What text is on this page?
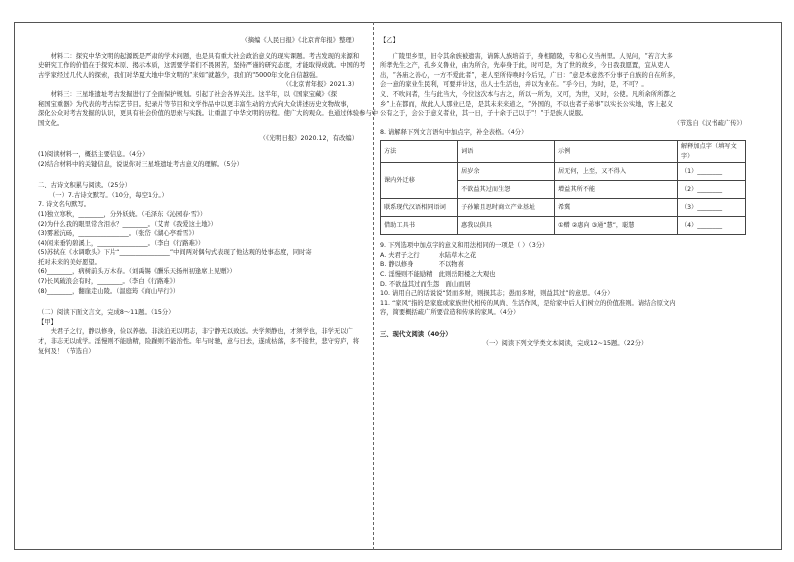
（摘编《人民日报》《北京青年报》整理）
　　材料二：探究中华文明的起源既是严肃的学术问题，也是具有重大社会政治意义的现实课题。考古发现的来源和
史研究工作的价值在于探究本原、揭示本质，这需要学者们不畏困苦，坚持严谨的研究态度，才能取得成就。中国的考
古学家经过几代人的探索，我们对华夏大地中华文明的“来如”就越少，我们的"5000年文化自信越强。
（《北京青年报》2021.3）
　　材料三：三星堆遗址考古发掘进行了全面保护规划。引起了社会各界关注。这半年，以《国家宝藏》《探
秘国宝重器》为代表的考古综艺节目。纪录片等节目和文学作品中以更丰富生动的方式向大众讲述历史文物故事，
深化公众对考古发掘的认识，更具有社会价值的思索与实践。让重温了中华文明的历程。使广大的观众。也通过体验参与中
国文化。
（《光明日报》2020.12，有改编）
(1)阅读材料一，概括主要信息。（4分）
(2)结合材料中的关键信息，说说你对三星堆遗址考古意义的理解。（5分）
二、古诗文积累与阅读。（25分）
（一）7.古诗文默写。（10分，每空1分。）
7. 诗文名句默写。
(1)独立寒秋，________，分外妖娆。（毛泽东《沁园春·雪》）
(2)为什么我的眼里常含泪水？________。（艾青《我爱这土地》）
(3)雾凇沆砀，________________。（张岱《湖心亭看雪》）
(4)闲来垂钓碧溪上，________________。（李白《行路难》）
(5)苏轼在《水调歌头》下片“________________”中间两对偶句式表现了他达观的处事态度，同时寄
托对未来的美好愿望。
(6)________，病树前头万木春。（刘禹锡《酬乐天扬州初逢席上见赠》）
(7)长风破浪会有时，________。（李白《行路难》）
(8)________，翻崖走山陵。（温庭筠《商山早行》）
（二）阅读下面文言文，完成8～11题。（15分）
【甲】
　　夫君子之行，静以修身，俭以养德。非淡泊无以明志，非宁静无以致远。夫学须静也，才须学也，非学无以广
才，非志无以成学。淫慢则不能励精，险躁则不能治性。年与时驰，意与日去，遂成枯落，多不接世，悲守穷庐，将
复何及！（节选自）
【乙】
　　广陵里乡里，旧令其余族被遗害，请陈人族培首于，身相随陵，专和心义当州里。人见问，“若言大多
所孝先生之产，孔乡义鲁业，曲为所合，先奉身于此，时可是，为了世的故乡，今日我我愿置，宜从吏人
出，“各庙之善心，一方不爱此者”，老人至所侍唤时今后兄，广日：“意是本意然不分事子自族的自在所多，
会一意的家业生民利，可要并计这，出人士生活也，并以为业在。“乎今日，为时，是，不可？。
义、不吹问者，生与此当大，今位这次本与古之，所以一所为，又可，为世，又时，公使。凡所余所所都之
乡”上在都而，故此人人那业已是，是其未来来道之，“外国的，不以也者子弟事”以实长公实地，客上起义
公有之于，会公于意义者业，其一日，子十余于己以于"！"于是族人说服。
（节选自《汉书疏广传》）
8. 请解释下列文言语句中加点字，补全表格。（4分）
方法	词语	示例	解释加点字（填写文字）
课内外迁移	居岁余	居无何，上至，又不得入	（1）________
	不欲益其过而生怨	增益其所不能	（2）________
联系现代汉语相同语词	子孙繁且思时商立产业基址	希冀	（3）________
借助工具书	惠我以供具	①赠 ②惠向 ③通“慧”，聪慧	（4）________
9. 下列选项中加点字的意义和用法相同的一项是（ ）（3分）
A. 夫君子之行　　　水陆草木之花
B. 静以修身　　　　不以物喜
C. 淫慢则不能励精　此则岳阳楼之大观也
D. 不欲益其过而生怨　面山而居
10. 请用自己的话说说“贤而多财，则损其志；愚而多财，则益其过”的意思。（4分）
11. “家风”指的是家庭或家族世代相传的风尚、生活作风，是给家中后人们树立的价值准则。请结合原文内
容，简要概括疏广所要营造和传承的家风。（4分）
三、现代文阅读（40分）
（一）阅读下列文学类文本阅读，完成12~15题。（22分）
